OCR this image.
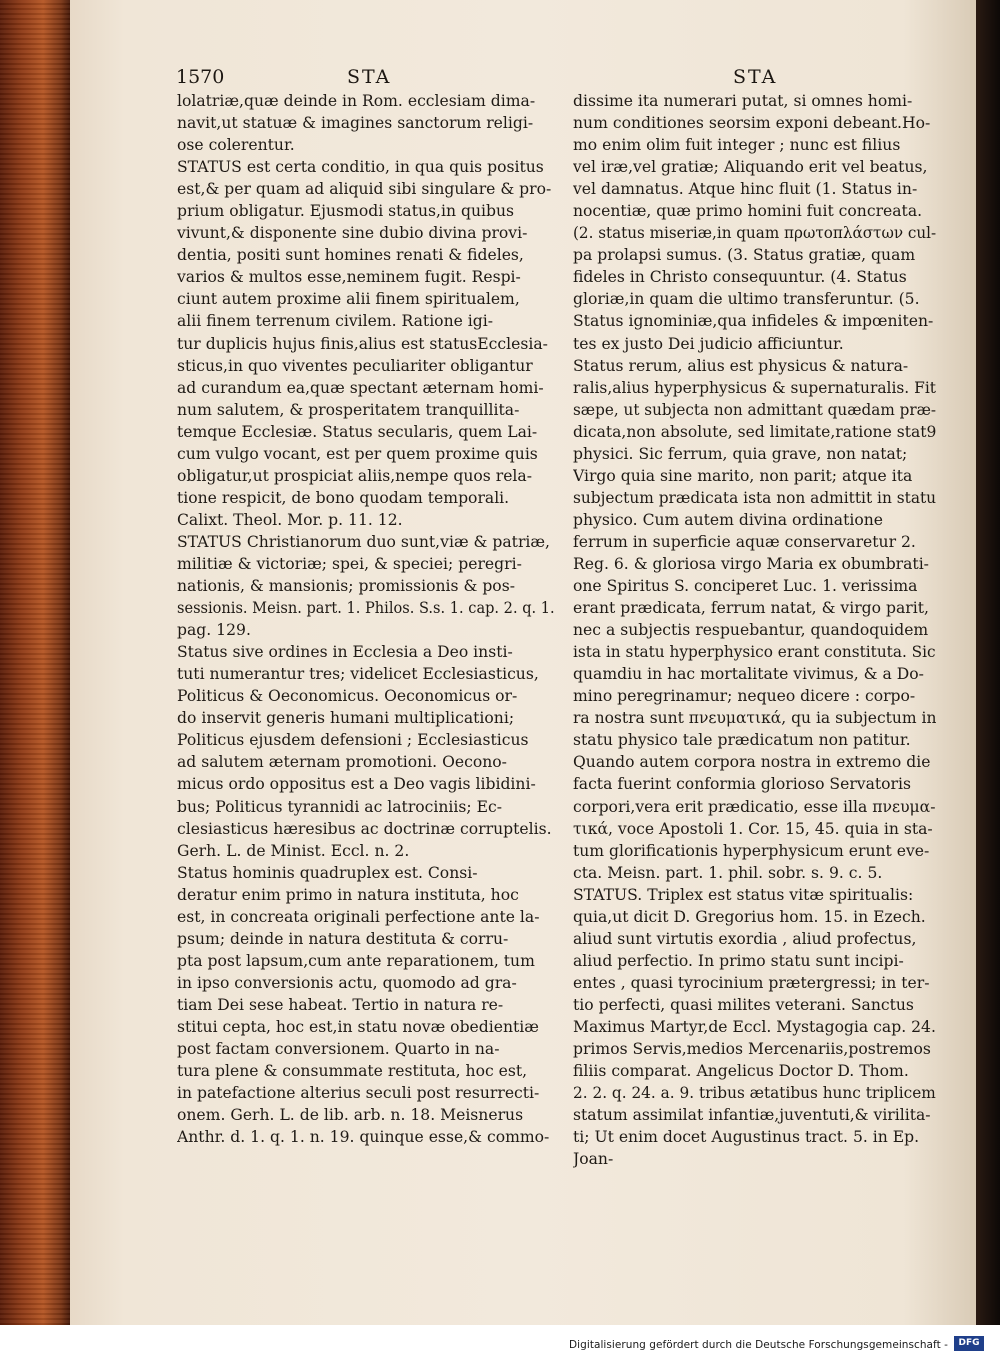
1570	STA	STA
lolatriæ,quæ deinde in Rom. ecclesiam dima-
navit,ut statuæ & imagines sanctorum religi-
ose colerentur.
STATUS est certa conditio, in qua quis positus
est,& per quam ad aliquid sibi singulare & pro-
prium obligatur. Ejusmodi status,in quibus
vivunt,& disponente sine dubio divina provi-
dentia, positi sunt homines renati & fideles,
varios & multos esse,neminem fugit. Respi-
ciunt autem proxime alii finem spiritualem,
alii finem terrenum civilem. Ratione igi-
tur duplicis hujus finis,alius est statusEcclesia-
sticus,in quo viventes peculiariter obligantur
ad curandum ea,quæ spectant æternam homi-
num salutem, & prosperitatem tranquillita-
temque Ecclesiæ. Status secularis, quem Lai-
cum vulgo vocant, est per quem proxime quis
obligatur,ut prospiciat aliis,nempe quos rela-
tione respicit, de bono quodam temporali.
Calixt. Theol. Mor. p. 11. 12.
STATUS Christianorum duo sunt,viæ & patriæ,
militiæ & victoriæ; spei, & speciei; peregri-
nationis, & mansionis; promissionis & pos-
sessionis. Meisn. part. 1. Philos. S.s. 1. cap. 2. q. 1.
pag. 129.
Status sive ordines in Ecclesia a Deo insti-
tuti numerantur tres; videlicet Ecclesiasticus,
Politicus & Oeconomicus. Oeconomicus or-
do inservit generis humani multiplicationi;
Politicus ejusdem defensioni ; Ecclesiasticus
ad salutem æternam promotioni. Oecono-
micus ordo oppositus est a Deo vagis libidini-
bus; Politicus tyrannidi ac latrociniis; Ec-
clesiasticus hæresibus ac doctrinæ corruptelis.
Gerh. L. de Minist. Eccl. n. 2.
Status hominis quadruplex est. Consi-
deratur enim primo in natura instituta, hoc
est, in concreata originali perfectione ante la-
psum; deinde in natura destituta & corru-
pta post lapsum,cum ante reparationem, tum
in ipso conversionis actu, quomodo ad gra-
tiam Dei sese habeat. Tertio in natura re-
stitui cepta, hoc est,in statu novæ obedientiæ
post factam conversionem. Quarto in na-
tura plene & consummate restituta, hoc est,
in patefactione alterius seculi post resurrecti-
onem. Gerh. L. de lib. arb. n. 18. Meisnerus
Anthr. d. 1. q. 1. n. 19. quinque esse,& commo-
dissime ita numerari putat, si omnes homi-
num conditiones seorsim exponi debeant.Ho-
mo enim olim fuit integer ; nunc est filius
vel iræ,vel gratiæ; Aliquando erit vel beatus,
vel damnatus. Atque hinc fluit (1. Status in-
nocentiæ, quæ primo homini fuit concreata.
(2. status miseriæ,in quam πρωτοπλάστων cul-
pa prolapsi sumus. (3. Status gratiæ, quam
fideles in Christo consequuntur. (4. Status
gloriæ,in quam die ultimo transferuntur. (5.
Status ignominiæ,qua infideles & impœniten-
tes ex justo Dei judicio afficiuntur.
Status rerum, alius est physicus & natura-
ralis,alius hyperphysicus & supernaturalis. Fit
sæpe, ut subjecta non admittant quædam præ-
dicata,non absolute, sed limitate,ratione stat9
physici. Sic ferrum, quia grave, non natat;
Virgo quia sine marito, non parit; atque ita
subjectum prædicata ista non admittit in statu
physico. Cum autem divina ordinatione
ferrum in superficie aquæ conservaretur 2.
Reg. 6. & gloriosa virgo Maria ex obumbrati-
one Spiritus S. conciperet Luc. 1. verissima
erant prædicata, ferrum natat, & virgo parit,
nec a subjectis respuebantur, quandoquidem
ista in statu hyperphysico erant constituta. Sic
quamdiu in hac mortalitate vivimus, & a Do-
mino peregrinamur; nequeo dicere : corpo-
ra nostra sunt πνευματικά, qu ia subjectum in
statu physico tale prædicatum non patitur.
Quando autem corpora nostra in extremo die
facta fuerint conformia glorioso Servatoris
corpori,vera erit prædicatio, esse illa πνευμα-
τικά, voce Apostoli 1. Cor. 15, 45. quia in sta-
tum glorificationis hyperphysicum erunt eve-
cta. Meisn. part. 1. phil. sobr. s. 9. c. 5.
STATUS. Triplex est status vitæ spiritualis:
quia,ut dicit D. Gregorius hom. 15. in Ezech.
aliud sunt virtutis exordia , aliud profectus,
aliud perfectio. In primo statu sunt incipi-
entes , quasi tyrocinium prætergressi; in ter-
tio perfecti, quasi milites veterani. Sanctus
Maximus Martyr,de Eccl. Mystagogia cap. 24.
primos Servis,medios Mercenariis,postremos
filiis comparat. Angelicus Doctor D. Thom.
2. 2. q. 24. a. 9. tribus ætatibus hunc triplicem
statum assimilat infantiæ,juventuti,& virilita-
ti; Ut enim docet Augustinus tract. 5. in Ep.
Joan-
Digitalisierung gefördert durch die Deutsche Forschungsgemeinschaft -	DFG
